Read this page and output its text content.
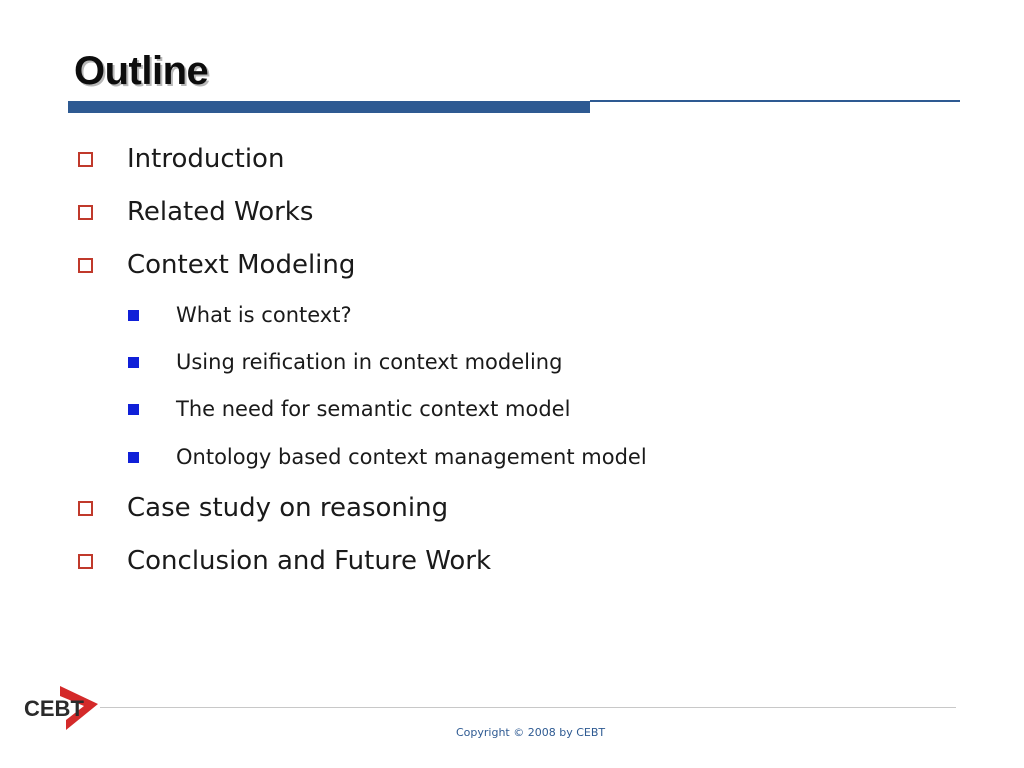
Outline
Introduction
Related Works
Context Modeling
What is context?
Using reification in context modeling
The need for semantic context model
Ontology based context management model
Case study on reasoning
Conclusion and Future Work
CEBT
Copyright © 2008 by CEBT
